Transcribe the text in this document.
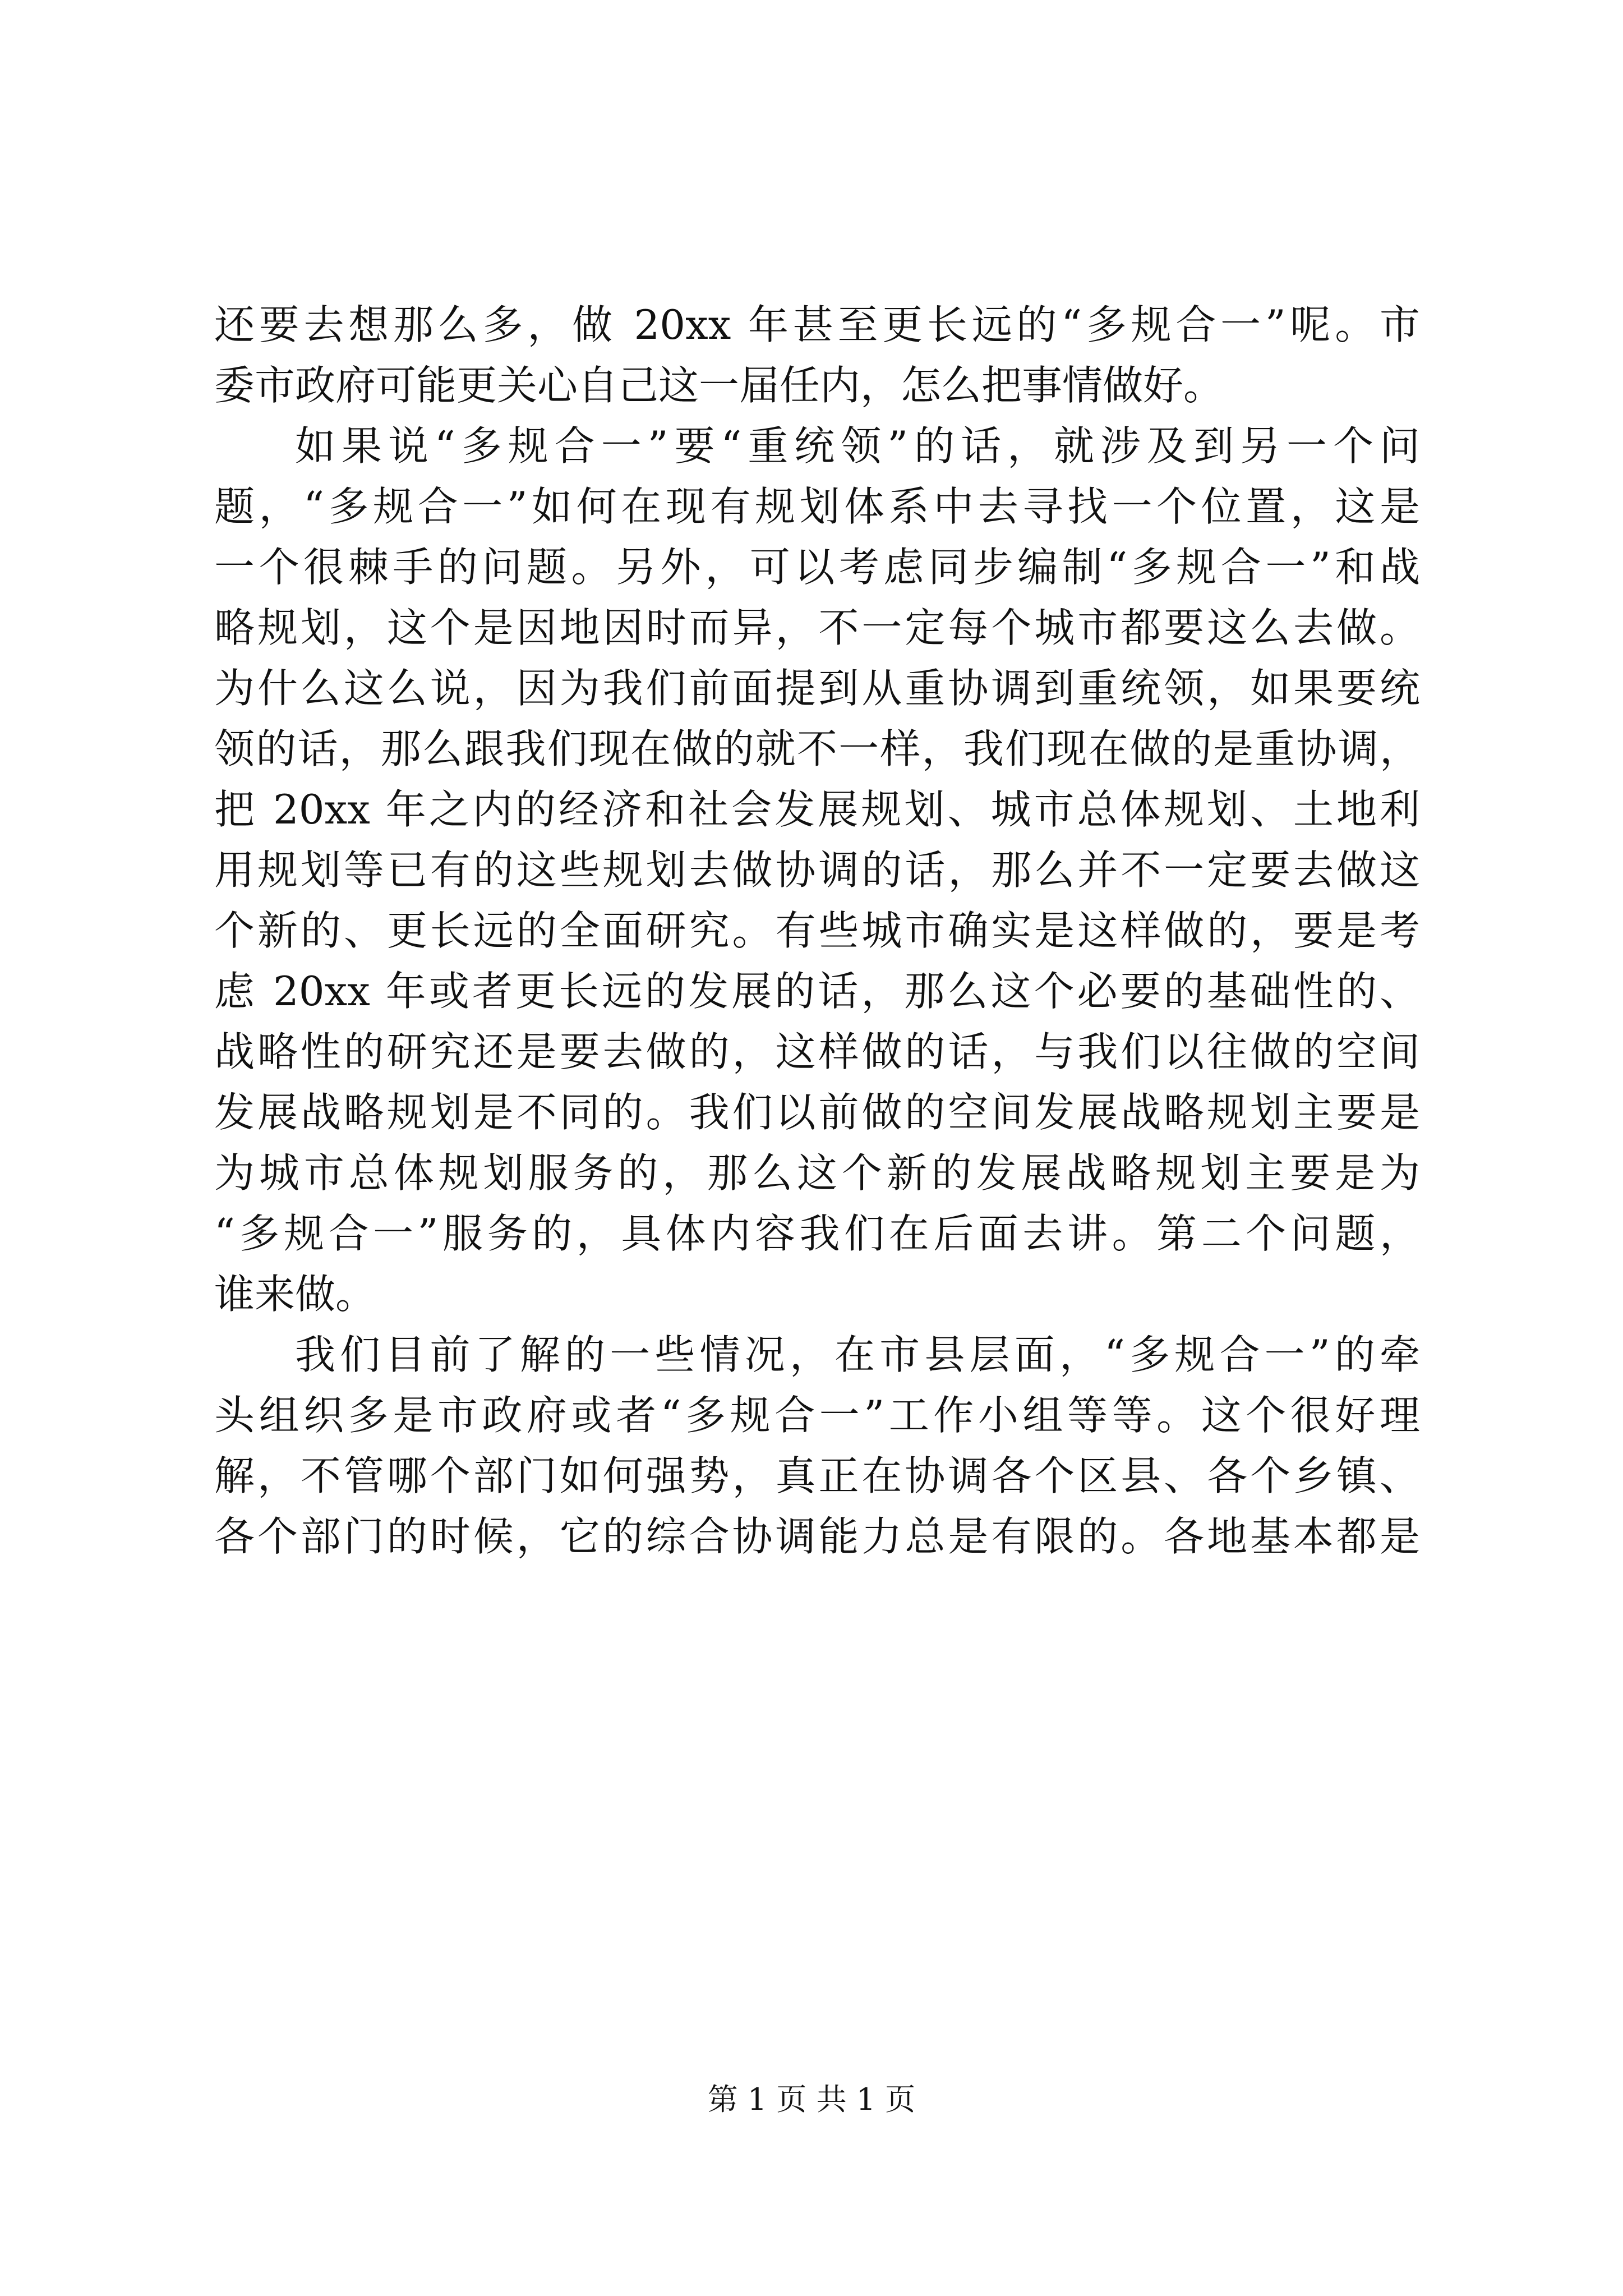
还要去想那么多，做 20xx 年甚至更长远的“多规合一”呢。市
委市政府可能更关心自己这一届任内，怎么把事情做好。
如果说“多规合一”要“重统领”的话，就涉及到另一个问
题，“多规合一”如何在现有规划体系中去寻找一个位置，这是
一个很棘手的问题。另外，可以考虑同步编制“多规合一”和战
略规划，这个是因地因时而异，不一定每个城市都要这么去做。
为什么这么说，因为我们前面提到从重协调到重统领，如果要统
领的话，那么跟我们现在做的就不一样，我们现在做的是重协调，
把 20xx 年之内的经济和社会发展规划、城市总体规划、土地利
用规划等已有的这些规划去做协调的话，那么并不一定要去做这
个新的、更长远的全面研究。有些城市确实是这样做的，要是考
虑 20xx 年或者更长远的发展的话，那么这个必要的基础性的、
战略性的研究还是要去做的，这样做的话，与我们以往做的空间
发展战略规划是不同的。我们以前做的空间发展战略规划主要是
为城市总体规划服务的，那么这个新的发展战略规划主要是为
“多规合一”服务的，具体内容我们在后面去讲。第二个问题，
谁来做。
我们目前了解的一些情况，在市县层面，“多规合一”的牵
头组织多是市政府或者“多规合一”工作小组等等。这个很好理
解，不管哪个部门如何强势，真正在协调各个区县、各个乡镇、
各个部门的时候，它的综合协调能力总是有限的。各地基本都是
第 1 页 共 1 页
